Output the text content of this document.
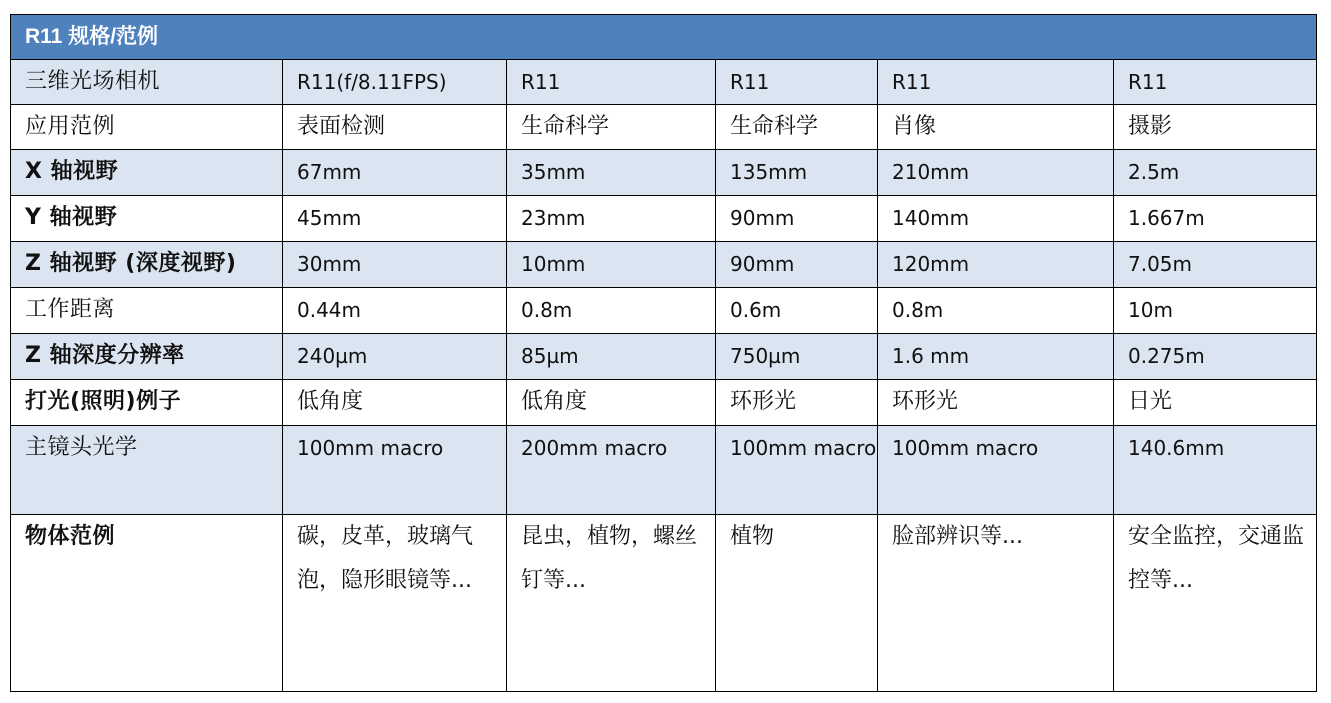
R11 规格/范例					
三维光场相机	R11(f/8.11FPS)	R11	R11	R11	R11
应用范例	表面检测	生命科学	生命科学	肖像	摄影
X 轴视野	67mm	35mm	135mm	210mm	2.5m
Y 轴视野	45mm	23mm	90mm	140mm	1.667m
Z 轴视野 (深度视野)	30mm	10mm	90mm	120mm	7.05m
工作距离	0.44m	0.8m	0.6m	0.8m	10m
Z 轴深度分辨率	240µm	85µm	750µm	1.6 mm	0.275m
打光(照明)例子	低角度	低角度	环形光	环形光	日光
主镜头光学	100mm macro	200mm macro	100mm macro	100mm macro	140.6mm
物体范例	碳，皮革，玻璃气泡，隐形眼镜等...	昆虫，植物，螺丝钉等...	植物	脸部辨识等...	安全监控，交通监控等...
